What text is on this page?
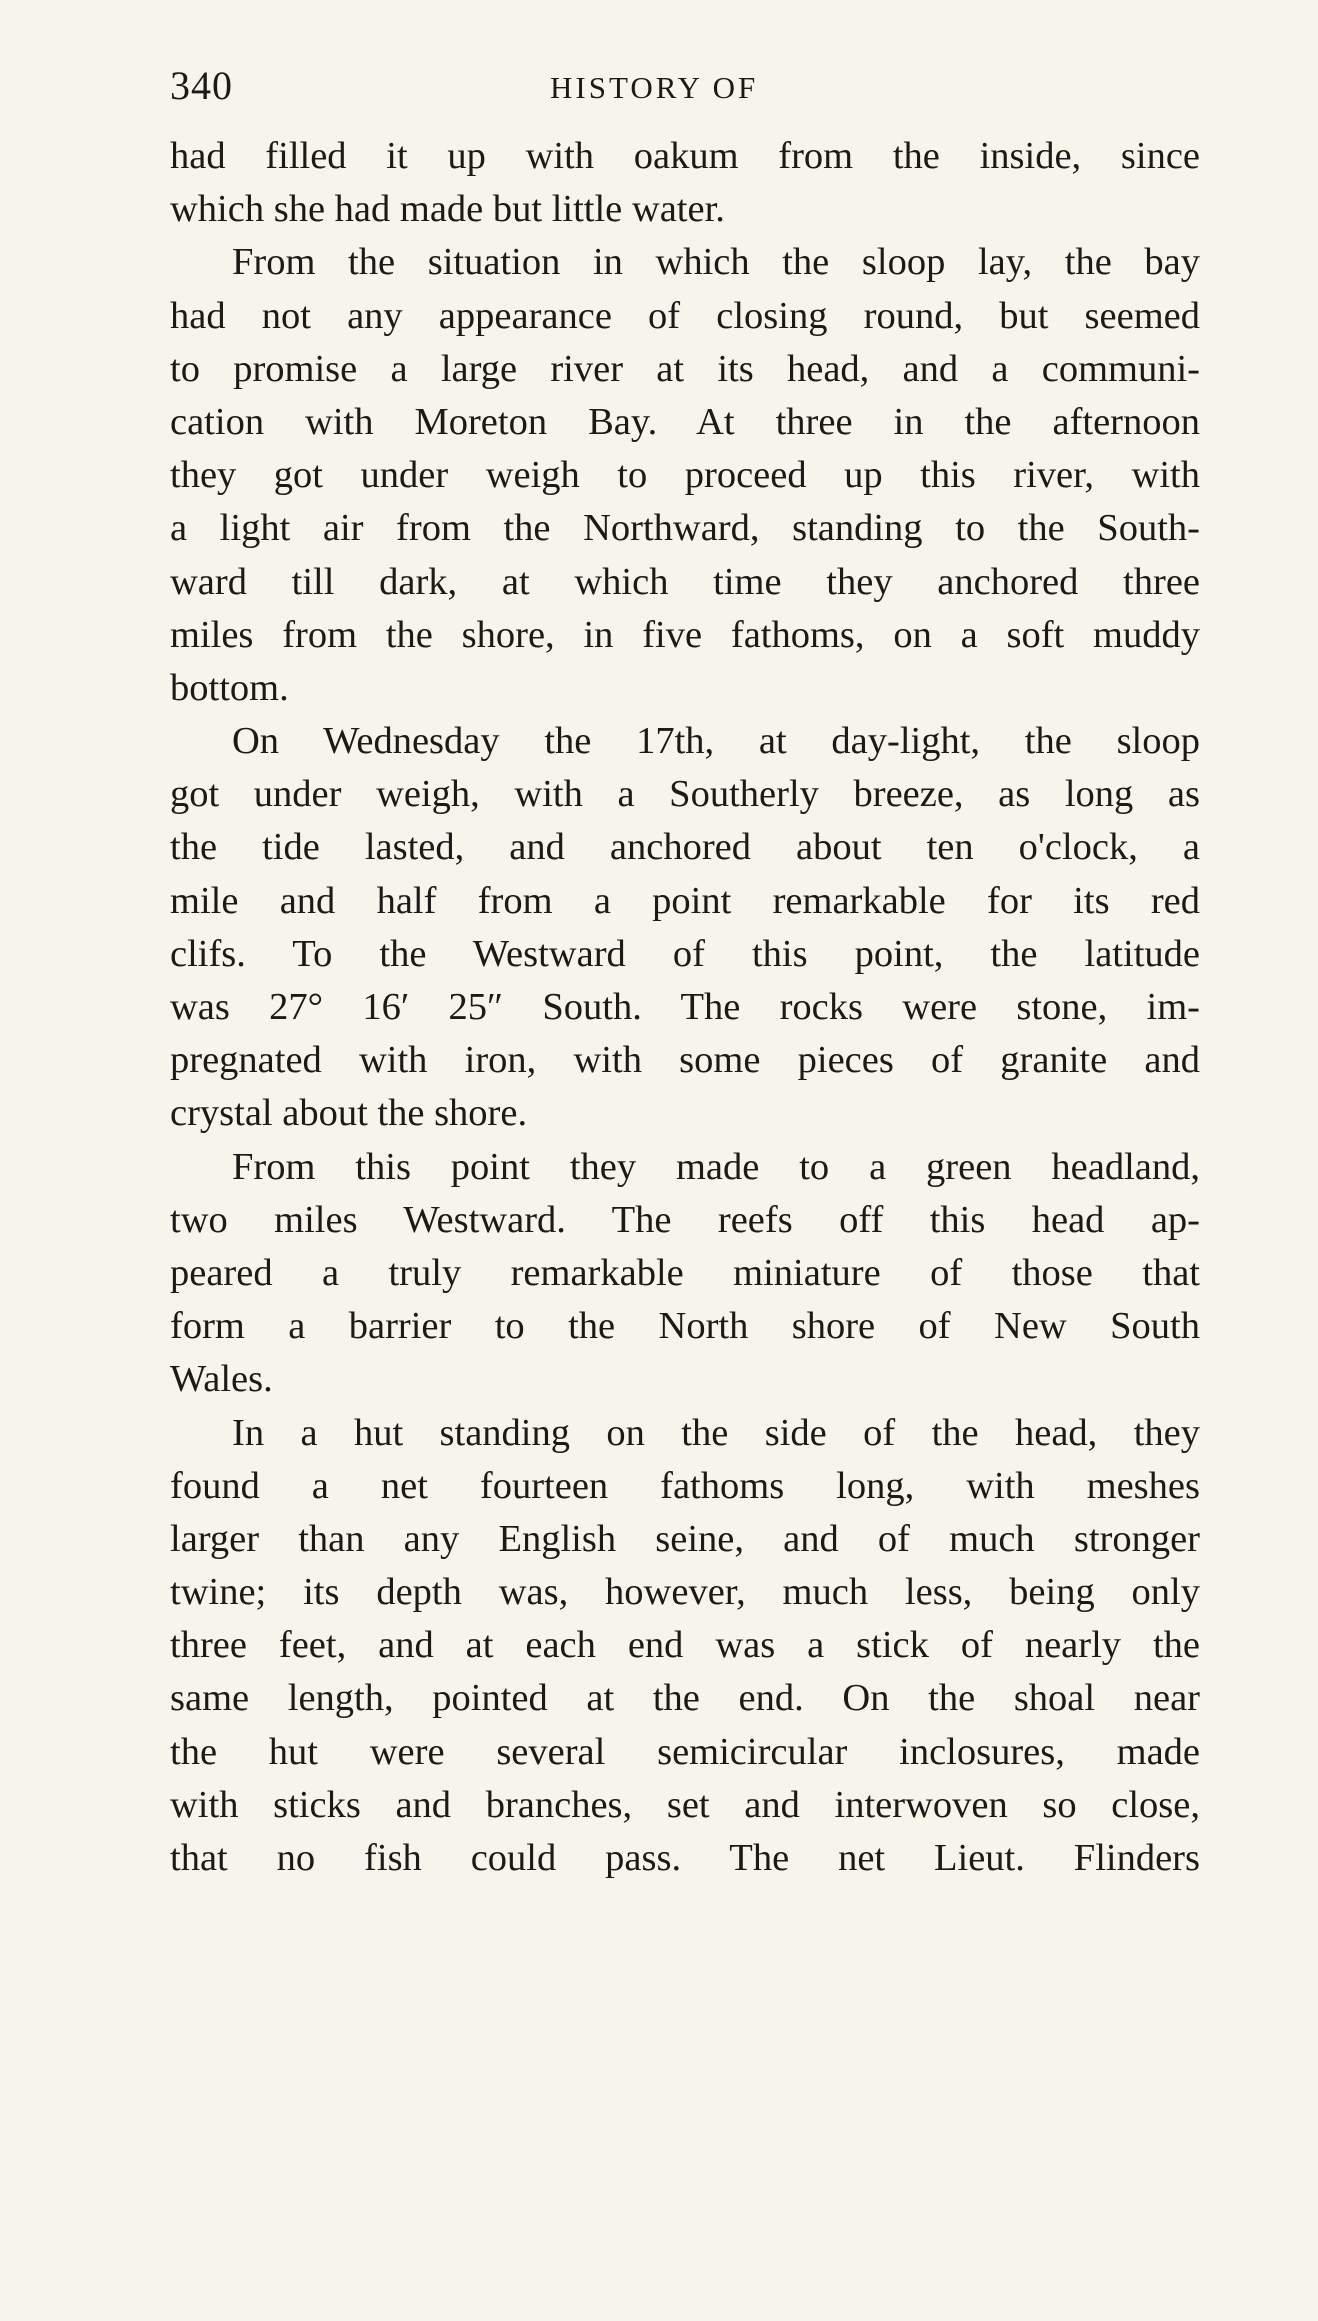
340	HISTORY OF
had filled it up with oakum from the inside, since
which she had made but little water.
From the situation in which the sloop lay, the bay
had not any appearance of closing round, but seemed
to promise a large river at its head, and a communi-
cation with Moreton Bay. At three in the afternoon
they got under weigh to proceed up this river, with
a light air from the Northward, standing to the South-
ward till dark, at which time they anchored three
miles from the shore, in five fathoms, on a soft muddy
bottom.
On Wednesday the 17th, at day-light, the sloop
got under weigh, with a Southerly breeze, as long as
the tide lasted, and anchored about ten o'clock, a
mile and half from a point remarkable for its red
clifs. To the Westward of this point, the latitude
was 27° 16′ 25″ South. The rocks were stone, im-
pregnated with iron, with some pieces of granite and
crystal about the shore.
From this point they made to a green headland,
two miles Westward. The reefs off this head ap-
peared a truly remarkable miniature of those that
form a barrier to the North shore of New South
Wales.
In a hut standing on the side of the head, they
found a net fourteen fathoms long, with meshes
larger than any English seine, and of much stronger
twine; its depth was, however, much less, being only
three feet, and at each end was a stick of nearly the
same length, pointed at the end. On the shoal near
the hut were several semicircular inclosures, made
with sticks and branches, set and interwoven so close,
that no fish could pass. The net Lieut. Flinders
